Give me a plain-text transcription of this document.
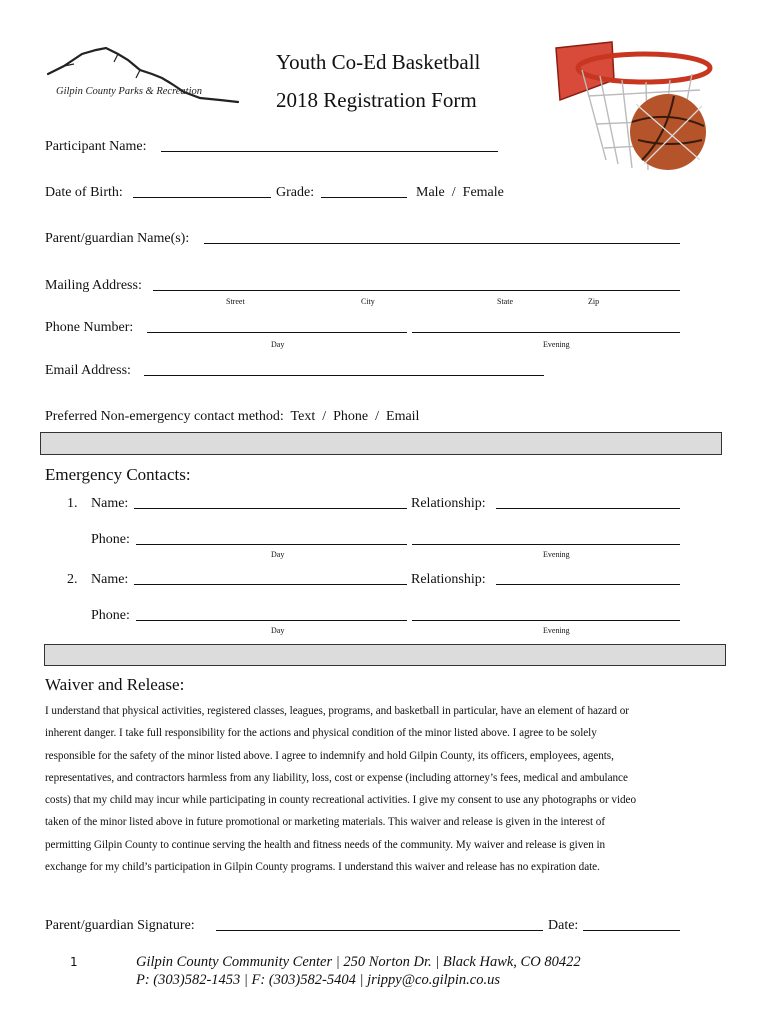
Gilpin County Parks & Recreation
Youth Co-Ed Basketball
2018 Registration Form
Participant Name:
Date of Birth:	Grade:	Male  /  Female
Parent/guardian Name(s):
Mailing Address:
Street	City	State	Zip
Phone Number:
Day	Evening
Email Address:
Preferred Non-emergency contact method:  Text  /  Phone  /  Email
Emergency Contacts:
1. Name:	Relationship:
Phone:
Day	Evening
2. Name:	Relationship:
Phone:
Day	Evening
Waiver and Release:
I understand that physical activities, registered classes, leagues, programs, and basketball in particular, have an element of hazard or
inherent danger. I take full responsibility for the actions and physical condition of the minor listed above. I agree to be solely
responsible for the safety of the minor listed above. I agree to indemnify and hold Gilpin County, its officers, employees, agents,
representatives, and contractors harmless from any liability, loss, cost or expense (including attorney’s fees, medical and ambulance
costs) that my child may incur while participating in county recreational activities. I give my consent to use any photographs or video
taken of the minor listed above in future promotional or marketing materials. This waiver and release is given in the interest of
permitting Gilpin County to continue serving the health and fitness needs of the community. My waiver and release is given in
exchange for my child’s participation in Gilpin County programs. I understand this waiver and release has no expiration date.
Parent/guardian Signature:	Date:
1	Gilpin County Community Center | 250 Norton Dr. | Black Hawk, CO 80422
P: (303)582-1453 | F: (303)582-5404 | jrippy@co.gilpin.co.us
